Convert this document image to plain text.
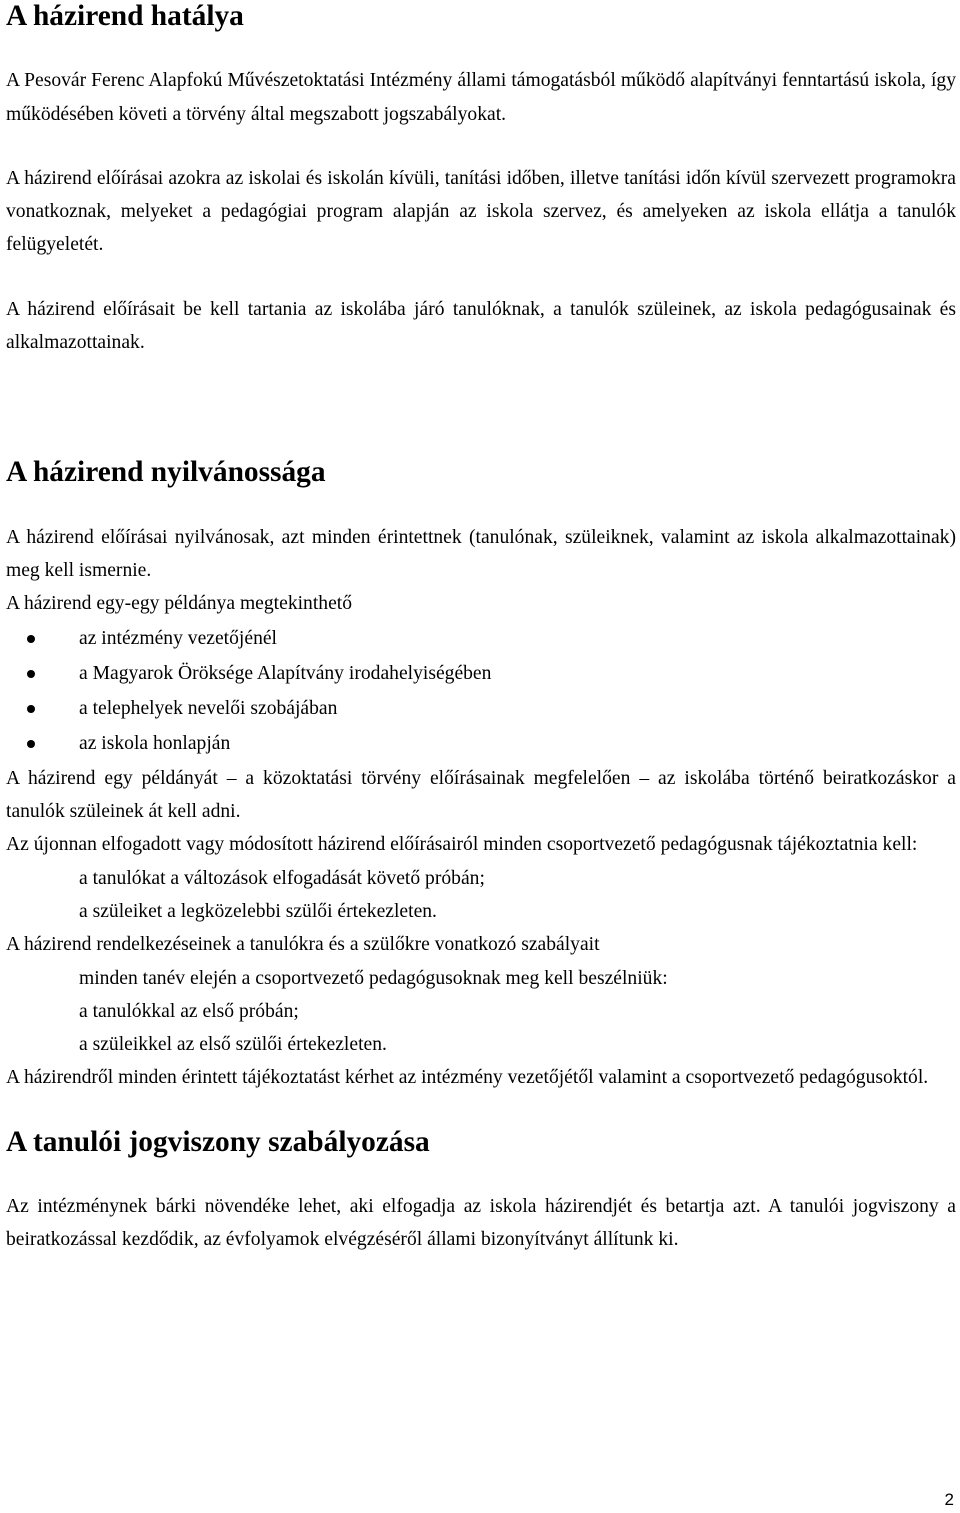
A házirend hatálya

A Pesovár Ferenc Alapfokú Művészetoktatási Intézmény állami támogatásból működő alapítványi fenntartású iskola, így működésében követi a törvény által megszabott jogszabályokat.

A házirend előírásai azokra az iskolai és iskolán kívüli, tanítási időben, illetve tanítási időn kívül szervezett programokra vonatkoznak, melyeket a pedagógiai program alapján az iskola szervez, és amelyeken az iskola ellátja a tanulók felügyeletét.

A házirend előírásait be kell tartania az iskolába járó tanulóknak, a tanulók szüleinek, az iskola pedagógusainak és alkalmazottainak.

A házirend nyilvánossága

A házirend előírásai nyilvánosak, azt minden érintettnek (tanulónak, szüleiknek, valamint az iskola alkalmazottainak) meg kell ismernie.

A házirend egy-egy példánya megtekinthető

az intézmény vezetőjénél
a Magyarok Öröksége Alapítvány irodahelyiségében
a telephelyek nevelői szobájában
az iskola honlapján

A házirend egy példányát – a közoktatási törvény előírásainak megfelelően – az iskolába történő beiratkozáskor a tanulók szüleinek át kell adni.

Az újonnan elfogadott vagy módosított házirend előírásairól minden csoportvezető pedagógusnak tájékoztatnia kell:

a tanulókat a változások elfogadását követő próbán;

a szüleiket a legközelebbi szülői értekezleten.

A házirend rendelkezéseinek a tanulókra és a szülőkre vonatkozó szabályait

minden tanév elején a csoportvezető pedagógusoknak meg kell beszélniük:

a tanulókkal az első próbán;

a szüleikkel az első szülői értekezleten.

A házirendről minden érintett tájékoztatást kérhet az intézmény vezetőjétől valamint a csoportvezető pedagógusoktól.

A tanulói jogviszony szabályozása

Az intézménynek bárki növendéke lehet, aki elfogadja az iskola házirendjét és betartja azt. A tanulói jogviszony a beiratkozással kezdődik, az évfolyamok elvégzéséről állami bizonyítványt állítunk ki.

2
